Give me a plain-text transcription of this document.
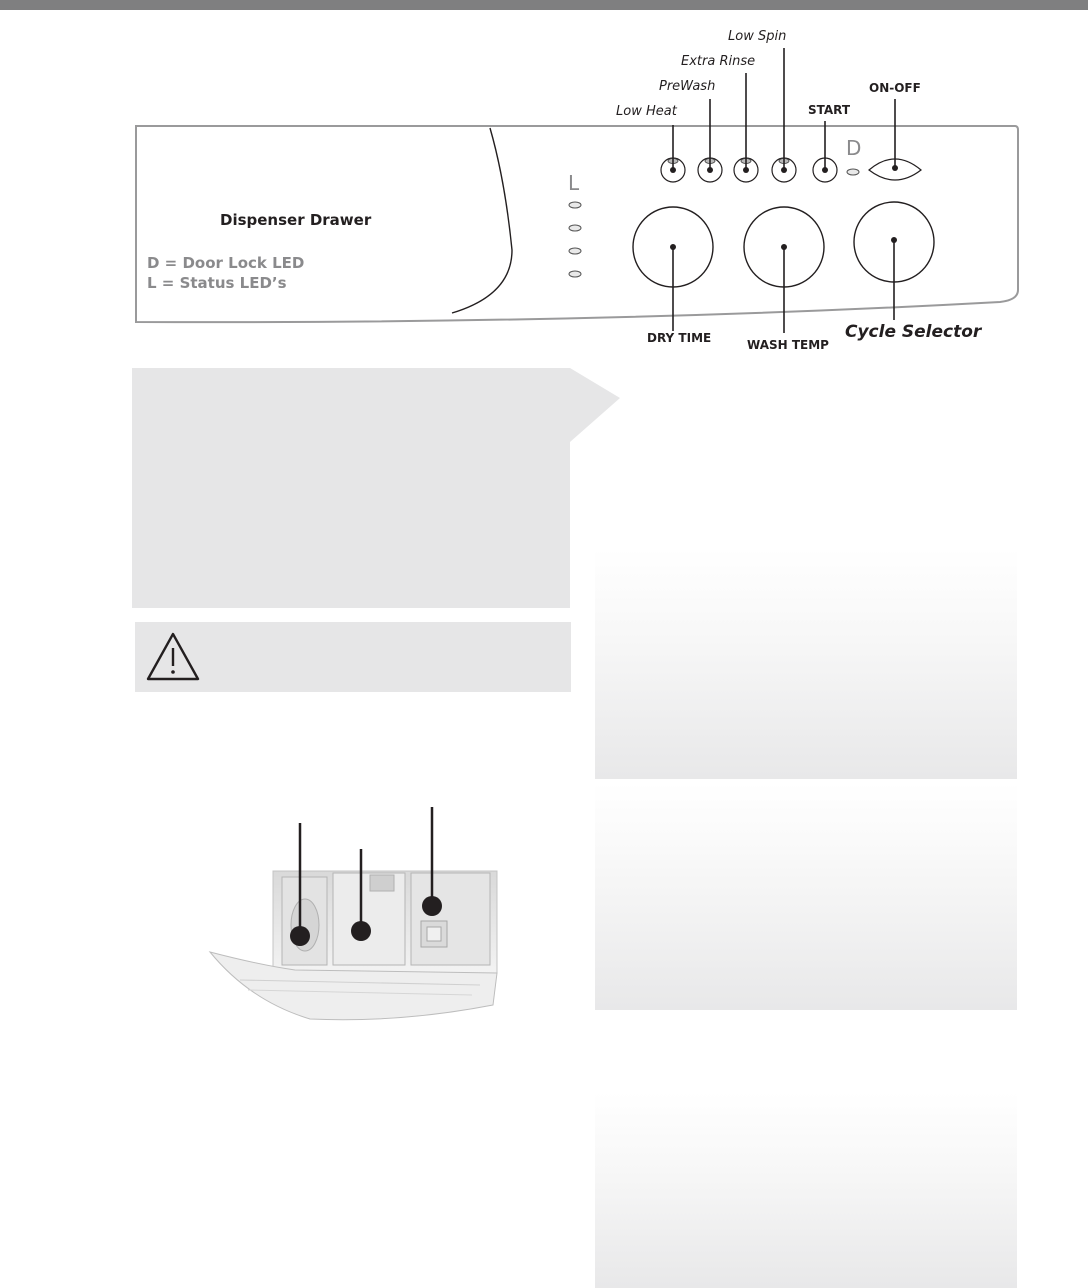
Low Heat
PreWash
Extra Rinse
Low Spin
START
ON-OFF
D
L
Dispenser Drawer
D = Door Lock LED
L = Status LED’s
DRY TIME	WASH TEMP
Cycle Selector
